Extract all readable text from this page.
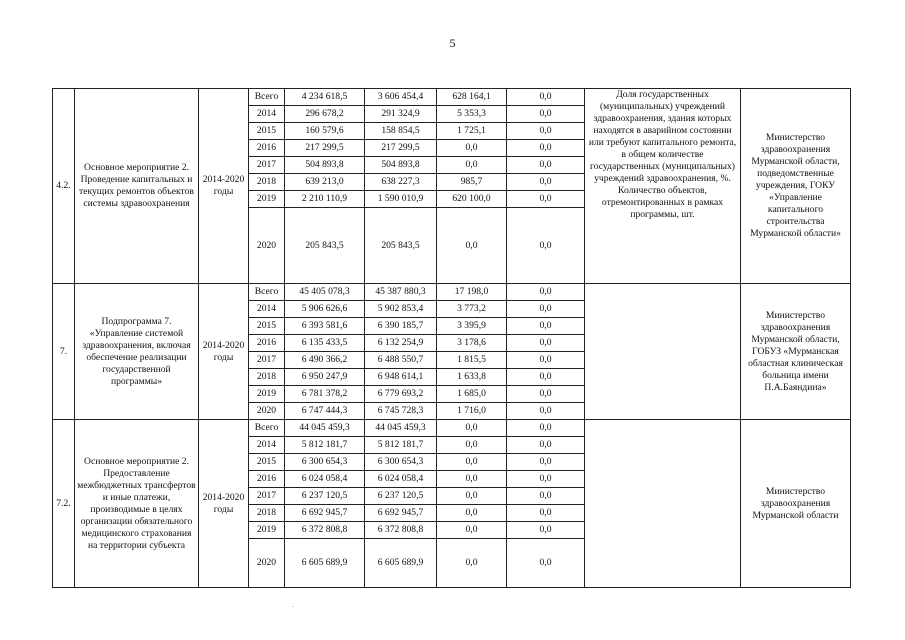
5
4.2.	Основное мероприятие 2. Проведение капитальных и текущих ремонтов объектов системы здравоохранения	2014-2020 годы	Всего	4 234 618,5	3 606 454,4	628 164,1	0,0	Доля государственных (муниципальных) учреждений здравоохранения, здания которых находятся в аварийном состоянии или требуют капитального ремонта, в общем количестве государственных (муниципальных) учреждений здравоохранения, %. Количество объектов, отремонтированных в рамках программы, шт.	Министерство здравоохранения Мурманской области, подведомственные учреждения, ГОКУ «Управление капитального строительства Мурманской области»
			2014	296 678,2	291 324,9	5 353,3	0,0		
			2015	160 579,6	158 854,5	1 725,1	0,0		
			2016	217 299,5	217 299,5	0,0	0,0		
			2017	504 893,8	504 893,8	0,0	0,0		
			2018	639 213,0	638 227,3	985,7	0,0		
			2019	2 210 110,9	1 590 010,9	620 100,0	0,0		
			2020	205 843,5	205 843,5	0,0	0,0		
7.	Подпрограмма 7. «Управление системой здравоохранения, включая обеспечение реализации государственной программы»	2014-2020 годы	Всего	45 405 078,3	45 387 880,3	17 198,0	0,0		Министерство здравоохранения Мурманской области, ГОБУЗ «Мурманская областная клиническая больница имени П.А.Баяндина»
			2014	5 906 626,6	5 902 853,4	3 773,2	0,0		
			2015	6 393 581,6	6 390 185,7	3 395,9	0,0		
			2016	6 135 433,5	6 132 254,9	3 178,6	0,0		
			2017	6 490 366,2	6 488 550,7	1 815,5	0,0		
			2018	6 950 247,9	6 948 614,1	1 633,8	0,0		
			2019	6 781 378,2	6 779 693,2	1 685,0	0,0		
			2020	6 747 444,3	6 745 728,3	1 716,0	0,0		
7.2.	Основное мероприятие 2. Предоставление межбюджетных трансфертов и иные платежи, производимые в целях организации обязательного медицинского страхования на территории субъекта	2014-2020 годы	Всего	44 045 459,3	44 045 459,3	0,0	0,0		Министерство здравоохранения Мурманской области
			2014	5 812 181,7	5 812 181,7	0,0	0,0		
			2015	6 300 654,3	6 300 654,3	0,0	0,0		
			2016	6 024 058,4	6 024 058,4	0,0	0,0		
			2017	6 237 120,5	6 237 120,5	0,0	0,0		
			2018	6 692 945,7	6 692 945,7	0,0	0,0		
			2019	6 372 808,8	6 372 808,8	0,0	0,0		
			2020	6 605 689,9	6 605 689,9	0,0	0,0		
.
